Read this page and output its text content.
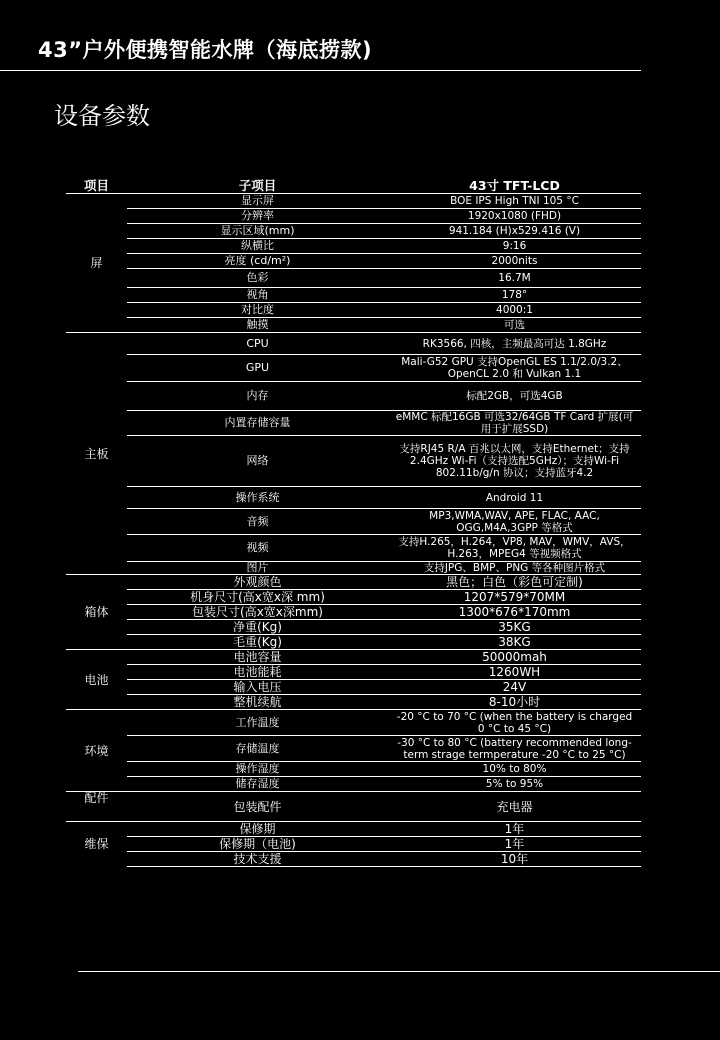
43”户外便携智能水牌（海底捞款)
设备参数
项目	子项目	43寸 TFT-LCD
屏	显示屏	BOE IPS High TNI 105 °C
	分辨率	1920x1080 (FHD)
	显示区域(mm)	941.184 (H)x529.416 (V)
	纵横比	9:16
	亮度 (cd/m²)	2000nits
	色彩	16.7M
	视角	178°
	对比度	4000:1
	触摸	可选
主板	CPU	RK3566, 四核，主频最高可达 1.8GHz
	GPU	Mali-G52 GPU 支持OpenGL ES 1.1/2.0/3.2、OpenCL 2.0 和 Vulkan 1.1
	内存	标配2GB，可选4GB
	内置存储容量	eMMC 标配16GB 可选32/64GB TF Card 扩展(可用于扩展SSD)
	网络	支持RJ45 R/A 百兆以太网，支持Ethernet；支持2.4GHz Wi-Fi（支持选配5GHz）；支持Wi-Fi 802.11b/g/n 协议；支持蓝牙4.2
	操作系统	Android 11
	音频	MP3,WMA,WAV, APE, FLAC, AAC, OGG,M4A,3GPP 等格式
	视频	支持H.265，H.264，VP8, MAV，WMV，AVS，H.263，MPEG4 等视频格式
	图片	支持JPG、BMP、PNG 等各种图片格式
箱体	外观颜色	黑色；白色（彩色可定制)
	机身尺寸(高x宽x深 mm)	1207*579*70MM
	包装尺寸(高x宽x深mm)	1300*676*170mm
	净重(Kg)	35KG
	毛重(Kg)	38KG
电池	电池容量	50000mah
	电池能耗	1260WH
	输入电压	24V
	整机续航	8-10小时
环境	工作温度	-20 °C to 70 °C (when the battery is charged 0 °C to 45 °C)
	存储温度	-30 °C to 80 °C (battery recommended long-term strage termperature -20 °C to 25 °C)
	操作湿度	10% to 80%
	储存湿度	5% to 95%
配件	包装配件	充电器
维保	保修期	1年
	保修期（电池)	1年
	技术支援	10年
